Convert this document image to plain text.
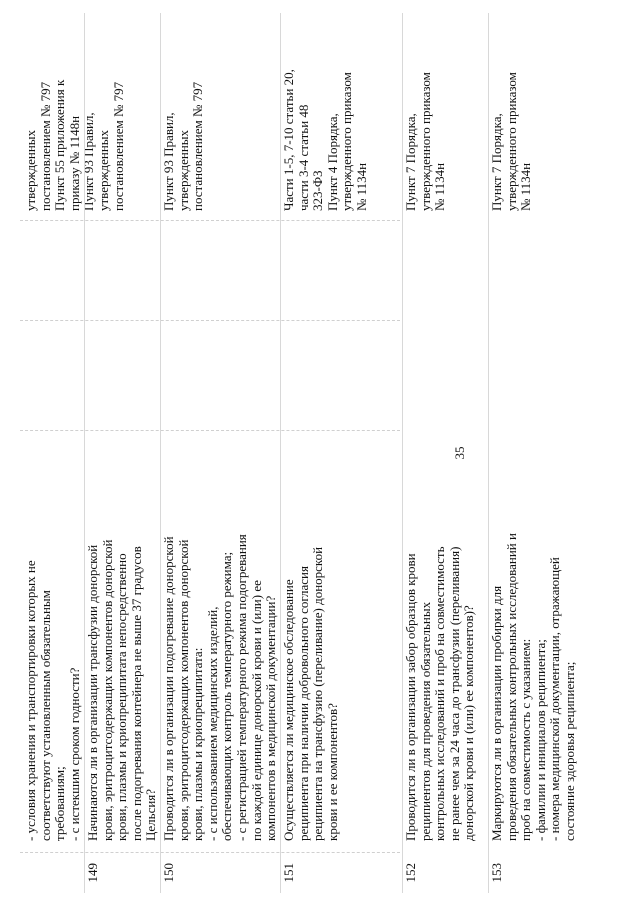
35
- условия хранения и транспортировки которых не соответствуют установленным обязательным требованиям; - с истекшим сроком годности?
утвержденных постановлением № 797 Пункт 55 приложения к приказу № 1148н Пункт 93 Правил, утвержденных постановлением № 797
149
Начинаются ли в организации трансфузии донорской крови, эритроцитсодержащих компонентов донорской крови, плазмы и криопреципитата непосредственно после подогревания контейнера не выше 37 градусов Цельсия?
150
Проводится ли в организации подогревание донорской крови, эритроцитсодержащих компонентов донорской крови, плазмы и криопреципитата: - с использованием медицинских изделий, обеспечивающих контроль температурного режима; - с регистрацией температурного режима подогревания по каждой единице донорской крови и (или) ее компонентов в медицинской документации?
Пункт 93 Правил, утвержденных постановлением № 797
151
Осуществляется ли медицинское обследование реципиента при наличии добровольного согласия реципиента на трансфузию (переливание) донорской крови и ее компонентов?
Части 1-5, 7-10 статьи 20, части 3-4 статьи 48 323-ФЗ Пункт 4 Порядка, утвержденного приказом № 1134н
152
Проводится ли в организации забор образцов крови реципиентов для проведения обязательных контрольных исследований и проб на совместимость не ранее чем за 24 часа до трансфузии (переливания) донорской крови и (или) ее компонентов)?
Пункт 7 Порядка, утвержденного приказом № 1134н
153
Маркируются ли в организации пробирки для проведения обязательных контрольных исследований и проб на совместимость с указанием: - фамилии и инициалов реципиента; - номера медицинской документации, отражающей состояние здоровья реципиента;
Пункт 7 Порядка, утвержденного приказом № 1134н
